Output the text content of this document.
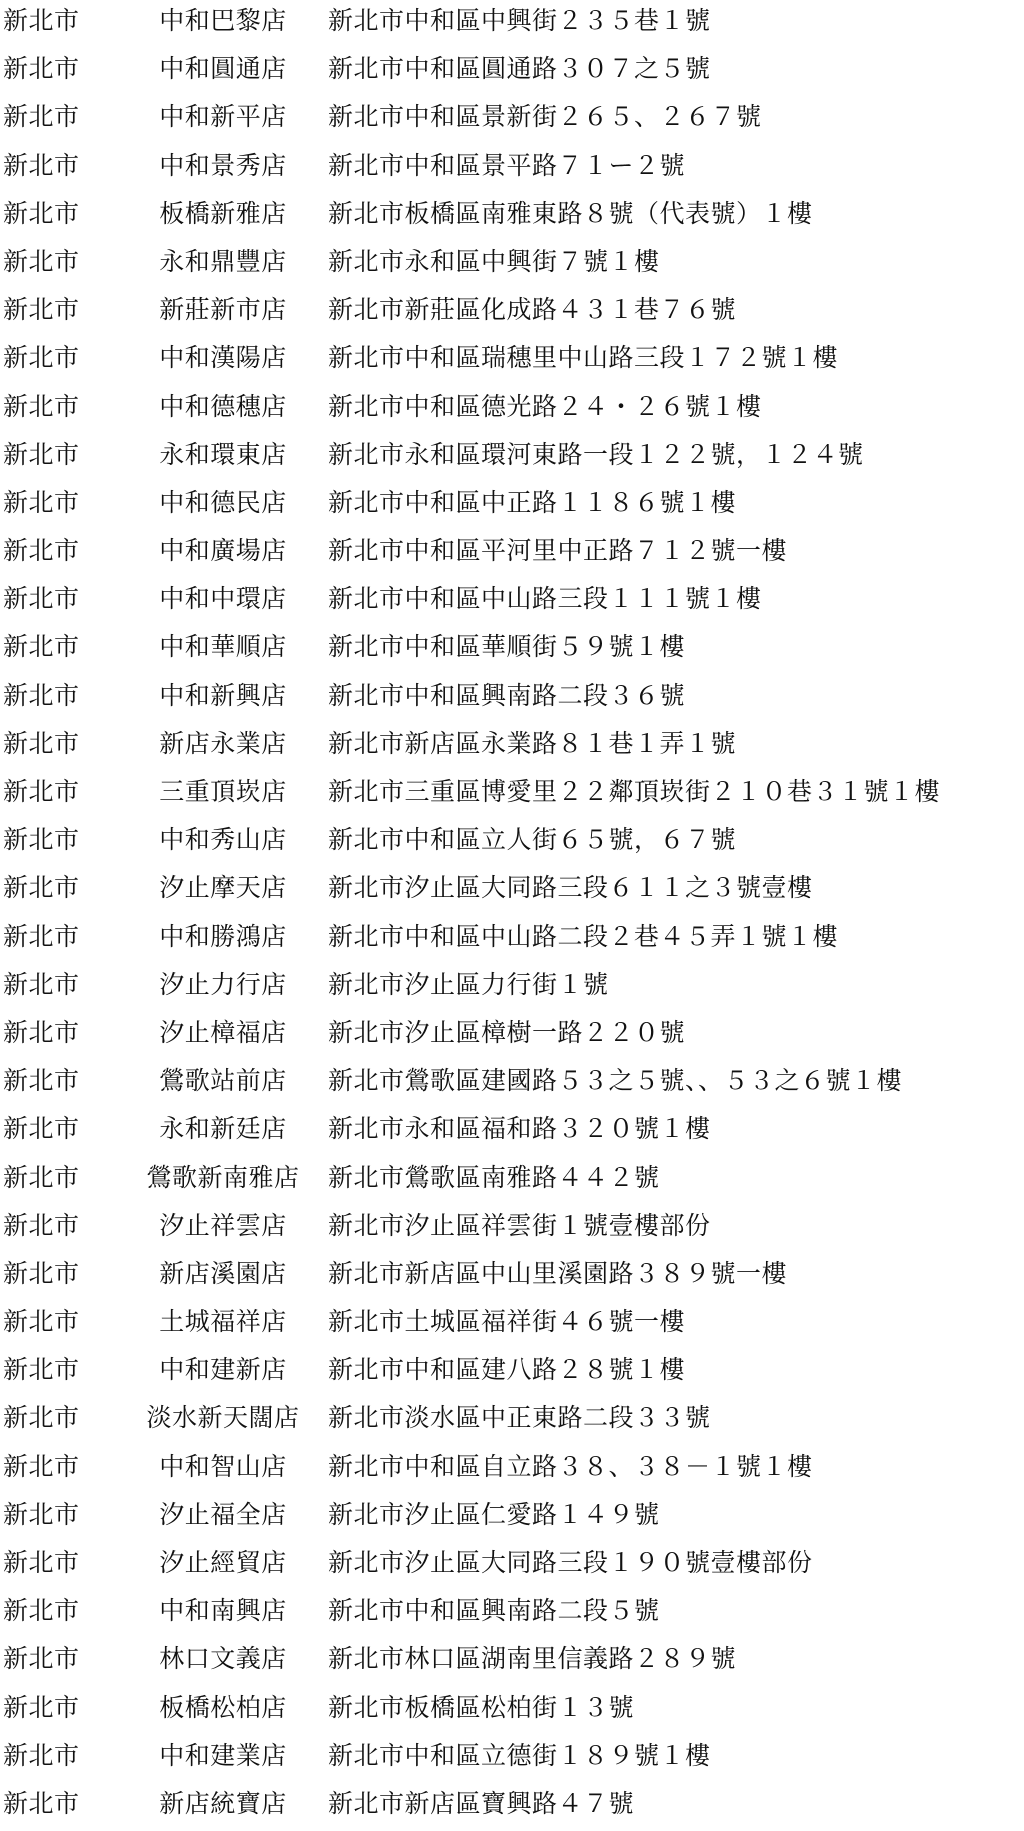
新北市	中和巴黎店	新北市中和區中興街２３５巷１號
新北市	中和圓通店	新北市中和區圓通路３０７之５號
新北市	中和新平店	新北市中和區景新街２６５、２６７號
新北市	中和景秀店	新北市中和區景平路７１ー２號
新北市	板橋新雅店	新北市板橋區南雅東路８號（代表號）１樓
新北市	永和鼎豐店	新北市永和區中興街７號１樓
新北市	新莊新市店	新北市新莊區化成路４３１巷７６號
新北市	中和漢陽店	新北市中和區瑞穗里中山路三段１７２號１樓
新北市	中和德穗店	新北市中和區德光路２４・２６號１樓
新北市	永和環東店	新北市永和區環河東路一段１２２號，１２４號
新北市	中和德民店	新北市中和區中正路１１８６號１樓
新北市	中和廣場店	新北市中和區平河里中正路７１２號一樓
新北市	中和中環店	新北市中和區中山路三段１１１號１樓
新北市	中和華順店	新北市中和區華順街５９號１樓
新北市	中和新興店	新北市中和區興南路二段３６號
新北市	新店永業店	新北市新店區永業路８１巷１弄１號
新北市	三重頂崁店	新北市三重區博愛里２２鄰頂崁街２１０巷３１號１樓
新北市	中和秀山店	新北市中和區立人街６５號，６７號
新北市	汐止摩天店	新北市汐止區大同路三段６１１之３號壹樓
新北市	中和勝鴻店	新北市中和區中山路二段２巷４５弄１號１樓
新北市	汐止力行店	新北市汐止區力行街１號
新北市	汐止樟福店	新北市汐止區樟樹一路２２０號
新北市	鶯歌站前店	新北市鶯歌區建國路５３之５號、、５３之６號１樓
新北市	永和新廷店	新北市永和區福和路３２０號１樓
新北市	鶯歌新南雅店	新北市鶯歌區南雅路４４２號
新北市	汐止祥雲店	新北市汐止區祥雲街１號壹樓部份
新北市	新店溪園店	新北市新店區中山里溪園路３８９號一樓
新北市	土城福祥店	新北市土城區福祥街４６號一樓
新北市	中和建新店	新北市中和區建八路２８號１樓
新北市	淡水新天闊店	新北市淡水區中正東路二段３３號
新北市	中和智山店	新北市中和區自立路３８、３８－１號１樓
新北市	汐止福全店	新北市汐止區仁愛路１４９號
新北市	汐止經貿店	新北市汐止區大同路三段１９０號壹樓部份
新北市	中和南興店	新北市中和區興南路二段５號
新北市	林口文義店	新北市林口區湖南里信義路２８９號
新北市	板橋松柏店	新北市板橋區松柏街１３號
新北市	中和建業店	新北市中和區立德街１８９號１樓
新北市	新店統寶店	新北市新店區寶興路４７號
